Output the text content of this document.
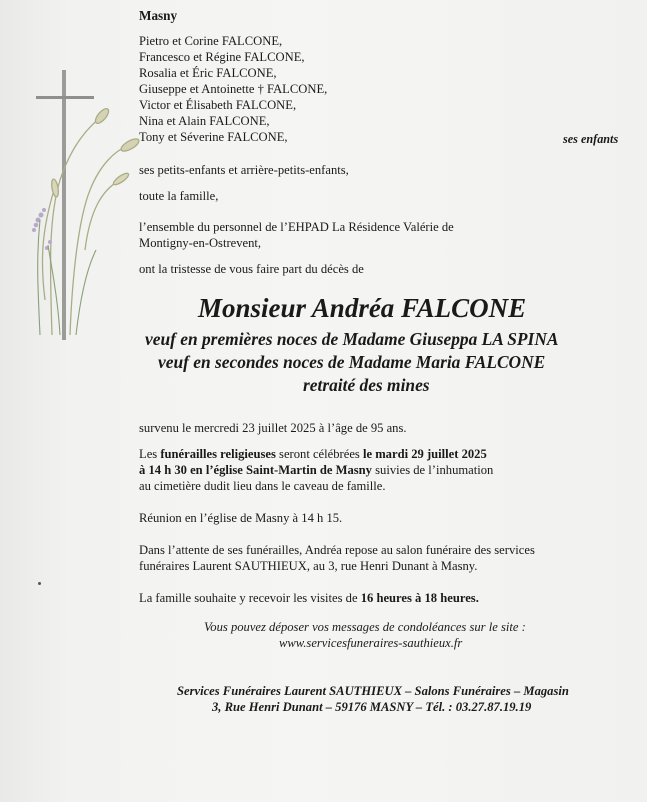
Masny
Pietro et Corine FALCONE,
Francesco et Régine FALCONE,
Rosalia et Éric FALCONE,
Giuseppe et Antoinette † FALCONE,
Victor et Élisabeth FALCONE,
Nina et Alain FALCONE,
Tony et Séverine FALCONE,	ses enfants
ses petits-enfants et arrière-petits-enfants,
toute la famille,
l’ensemble du personnel de l’EHPAD La Résidence Valérie de
Montigny-en-Ostrevent,
ont la tristesse de vous faire part du décès de
Monsieur Andréa FALCONE
veuf en premières noces de Madame Giuseppa LA SPINA
veuf en secondes noces de Madame Maria FALCONE
retraité des mines
survenu le mercredi 23 juillet 2025 à l’âge de 95 ans.
Les funérailles religieuses seront célébrées le mardi 29 juillet 2025
à 14 h 30 en l’église Saint-Martin de Masny suivies de l’inhumation
au cimetière dudit lieu dans le caveau de famille.
Réunion en l’église de Masny à 14 h 15.
Dans l’attente de ses funérailles, Andréa repose au salon funéraire des services
funéraires Laurent SAUTHIEUX, au 3, rue Henri Dunant à Masny.
La famille souhaite y recevoir les visites de 16 heures à 18 heures.
Vous pouvez déposer vos messages de condoléances sur le site :
www.servicesfuneraires-sauthieux.fr
Services Funéraires Laurent SAUTHIEUX – Salons Funéraires – Magasin
3, Rue Henri Dunant – 59176 MASNY – Tél. : 03.27.87.19.19
